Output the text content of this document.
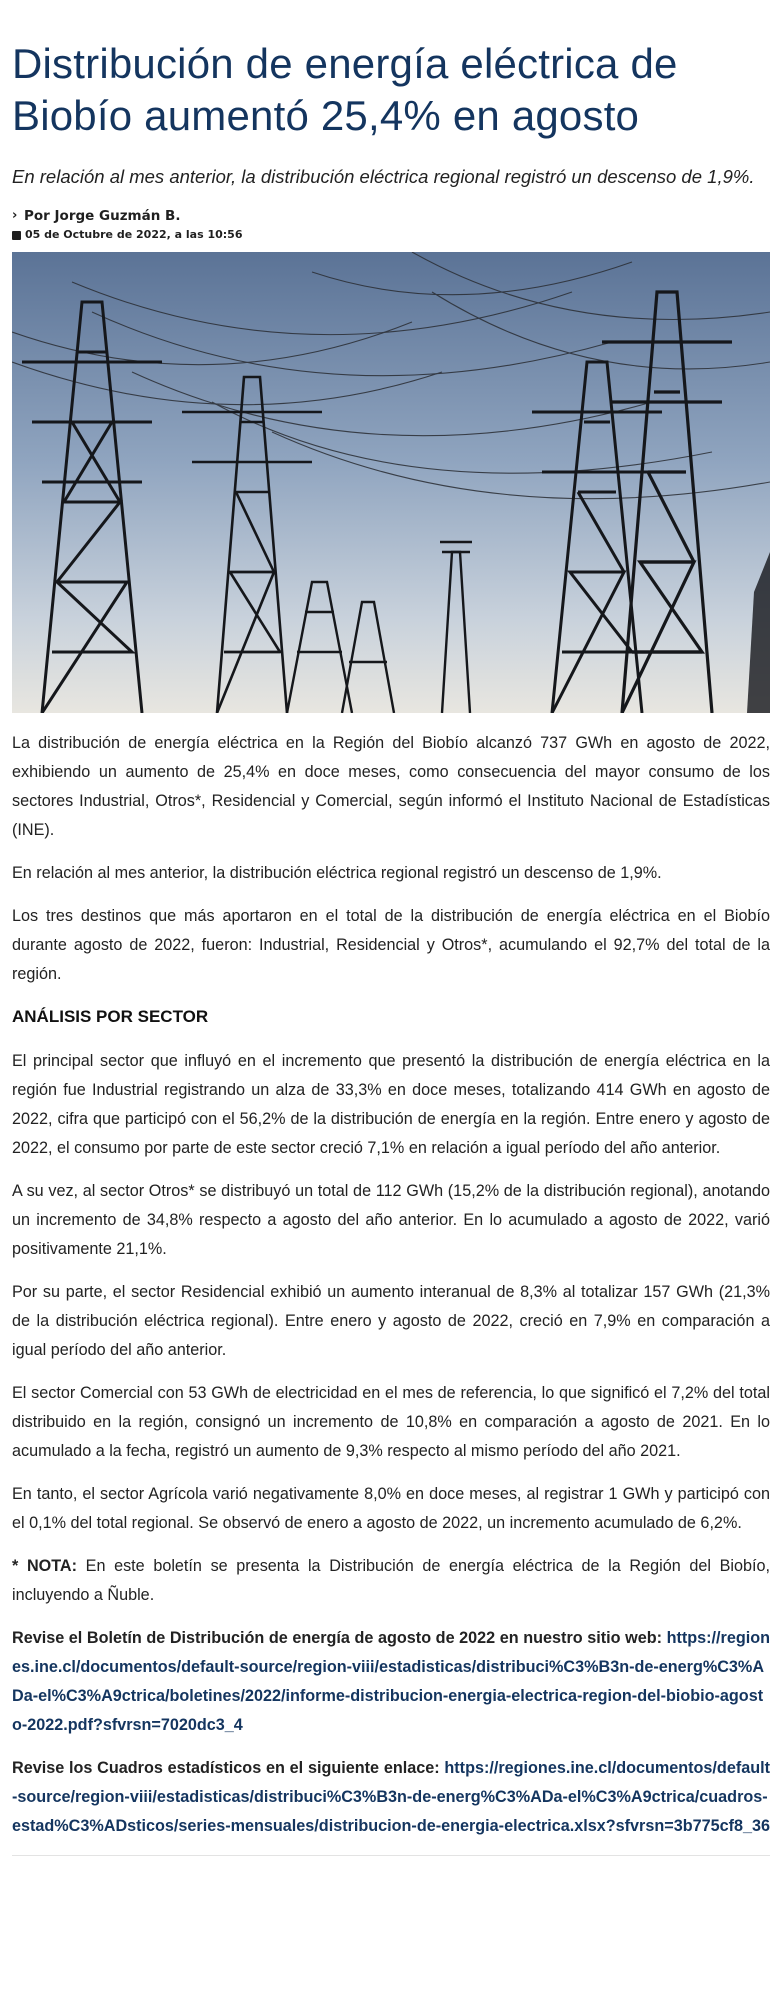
Distribución de energía eléctrica de Biobío aumentó 25,4% en agosto

En relación al mes anterior, la distribución eléctrica regional registró un descenso de 1,9%.

› Por Jorge Guzmán B.
05 de Octubre de 2022, a las 10:56

La distribución de energía eléctrica en la Región del Biobío alcanzó 737 GWh en agosto de 2022, exhibiendo un aumento de 25,4% en doce meses, como consecuencia del mayor consumo de los sectores Industrial, Otros*, Residencial y Comercial, según informó el Instituto Nacional de Estadísticas (INE).

En relación al mes anterior, la distribución eléctrica regional registró un descenso de 1,9%.

Los tres destinos que más aportaron en el total de la distribución de energía eléctrica en el Biobío durante agosto de 2022, fueron: Industrial, Residencial y Otros*, acumulando el 92,7% del total de la región.

ANÁLISIS POR SECTOR

El principal sector que influyó en el incremento que presentó la distribución de energía eléctrica en la región fue Industrial registrando un alza de 33,3% en doce meses, totalizando 414 GWh en agosto de 2022, cifra que participó con el 56,2% de la distribución de energía en la región. Entre enero y agosto de 2022, el consumo por parte de este sector creció 7,1% en relación a igual período del año anterior.

A su vez, al sector Otros* se distribuyó un total de 112 GWh (15,2% de la distribución regional), anotando un incremento de 34,8% respecto a agosto del año anterior. En lo acumulado a agosto de 2022, varió positivamente 21,1%.

Por su parte, el sector Residencial exhibió un aumento interanual de 8,3% al totalizar 157 GWh (21,3% de la distribución eléctrica regional). Entre enero y agosto de 2022, creció en 7,9% en comparación a igual período del año anterior.

El sector Comercial con 53 GWh de electricidad en el mes de referencia, lo que significó el 7,2% del total distribuido en la región, consignó un incremento de 10,8% en comparación a agosto de 2021. En lo acumulado a la fecha, registró un aumento de 9,3% respecto al mismo período del año 2021.

En tanto, el sector Agrícola varió negativamente 8,0% en doce meses, al registrar 1 GWh y participó con el 0,1% del total regional. Se observó de enero a agosto de 2022, un incremento acumulado de 6,2%.

* NOTA: En este boletín se presenta la Distribución de energía eléctrica de la Región del Biobío, incluyendo a Ñuble.

Revise el Boletín de Distribución de energía de agosto de 2022 en nuestro sitio web: https://regiones.ine.cl/documentos/default-source/region-viii/estadisticas/distribuci%C3%B3n-de-energ%C3%ADa-el%C3%A9ctrica/boletines/2022/informe-distribucion-energia-electrica-region-del-biobio-agosto-2022.pdf?sfvrsn=7020dc3_4

Revise los Cuadros estadísticos en el siguiente enlace: https://regiones.ine.cl/documentos/default-source/region-viii/estadisticas/distribuci%C3%B3n-de-energ%C3%ADa-el%C3%A9ctrica/cuadros-estad%C3%ADsticos/series-mensuales/distribucion-de-energia-electrica.xlsx?sfvrsn=3b775cf8_36
